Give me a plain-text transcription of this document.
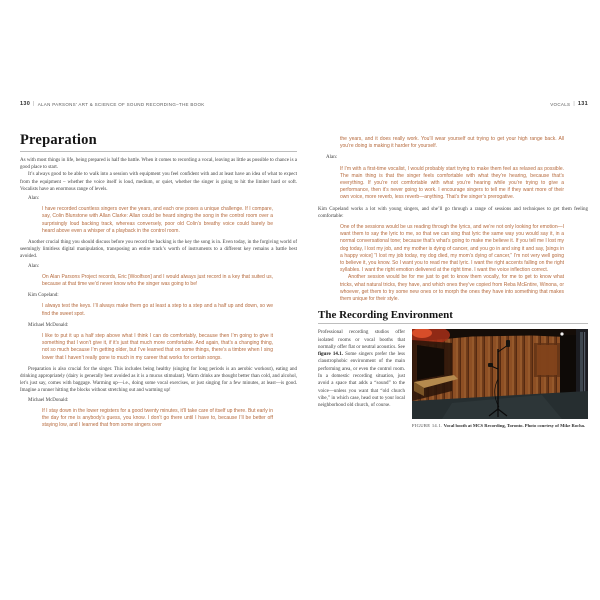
130 | ALAN PARSONS' ART & SCIENCE OF SOUND RECORDING–THE BOOK
Preparation
As with most things in life, being prepared is half the battle. When it comes to recording a vocal, leaving as little as possible to chance is a good place to start.
It’s always good to be able to walk into a session with equipment you feel confident with and at least have an idea of what to expect from the equipment – whether the voice itself is loud, medium, or quiet, whether the singer is going to hit the limiter hard or soft. Vocalists have an enormous range of levels.
Alan:
I have recorded countless singers over the years, and each one poses a unique challenge. If I compare, say, Colin Blunstone with Allan Clarke: Allan could be heard singing the song in the control room over a surprisingly loud backing track, whereas conversely, poor old Colin’s breathy voice could barely be heard above even a whisper of a playback in the control room.
Another crucial thing you should discuss before you record the backing is the key the song is in. Even today, in the forgiving world of seemingly limitless digital manipulation, transposing an entire track’s worth of instruments to a different key remains a battle best avoided.
Alan:
On Alan Parsons Project records, Eric [Woolfson] and I would always just record in a key that suited us, because at that time we’d never know who the singer was going to be!
Kim Copeland:
I always test the keys. I’ll always make them go at least a step to a step and a half up and down, so we find the sweet spot.
Michael McDonald:
I like to put it up a half step above what I think I can do comfortably, because then I’m going to give it something that I won’t give it, if it’s just that much more comfortable. And again, that’s a changing thing, not so much because I’m getting older, but I’ve learned that on some things, there’s a timbre when I sing lower that I haven’t really gone to much in my career that works for certain songs.
Preparation is also crucial for the singer. This includes being healthy (singing for long periods is an aerobic workout), eating and drinking appropriately (dairy is generally best avoided as it is a mucus stimulant). Warm drinks are thought better than cold, and alcohol, let’s just say, comes with baggage. Warming up—i.e., doing some vocal exercises, or just singing for a few minutes, at least—is good. Imagine a runner hitting the blocks without stretching out and warming up!
Michael McDonald:
If I stay down in the lower registers for a good twenty minutes, it’ll take care of itself up there. But early in the day for me is anybody’s guess, you know. I don’t go there until I have to, because I’ll be better off staying low, and I learned that from some singers over
VOCALS | 131
the years, and it does really work. You’ll wear yourself out trying to get your high range back. All you’re doing is making it harder for yourself.
Alan:
If I’m with a first-time vocalist, I would probably start trying to make them feel as relaxed as possible. The main thing is that the singer feels comfortable with what they’re hearing, because that’s everything. If you’re not comfortable with what you’re hearing while you’re trying to give a performance, then it’s never going to work. I encourage singers to tell me if they want more of their own voice, more reverb, less reverb—anything. That’s the singer’s prerogative.
Kim Copeland works a lot with young singers, and she’ll go through a range of sessions and techniques to get them feeling comfortable:
One of the sessions would be us reading through the lyrics, and we’re not only looking for emotion—I want them to say the lyric to me, so that we can sing that lyric the same way you would say it, in a normal conversational tone; because that’s what’s going to make me believe it. If you tell me I lost my dog today, I lost my job, and my mother is dying of cancer, and you go in and sing it and say, [sings in a happy voice] “I lost my job today, my dog died, my mom’s dying of cancer,” I’m not very well going to believe it, you know. So I want you to read me that lyric. I want the right accents falling on the right syllables. I want the right emotion delivered at the right time. I want the voice inflection correct.
Another session would be for me just to get to know them vocally, for me to get to know what tricks, what natural tricks, they have, and which ones they’ve copied from Reba McEntire, Winona, or whoever, get them to try some new ones or to morph the ones they have into something that makes them unique for their style.
The Recording Environment
Professional recording studios offer isolated rooms or vocal booths that normally offer flat or neutral acoustics. See figure 14.1. Some singers prefer the less claustrophobic environment of the main performing area, or even the control room. In a domestic recording situation, just avoid a space that adds a “sound” to the voice—unless you want that “old church vibe,” in which case, head out to your local neighborhood old church, of course.
FIGURE 14.1. Vocal booth at MCS Recording, Toronto. Photo courtesy of Mike Rocha.
